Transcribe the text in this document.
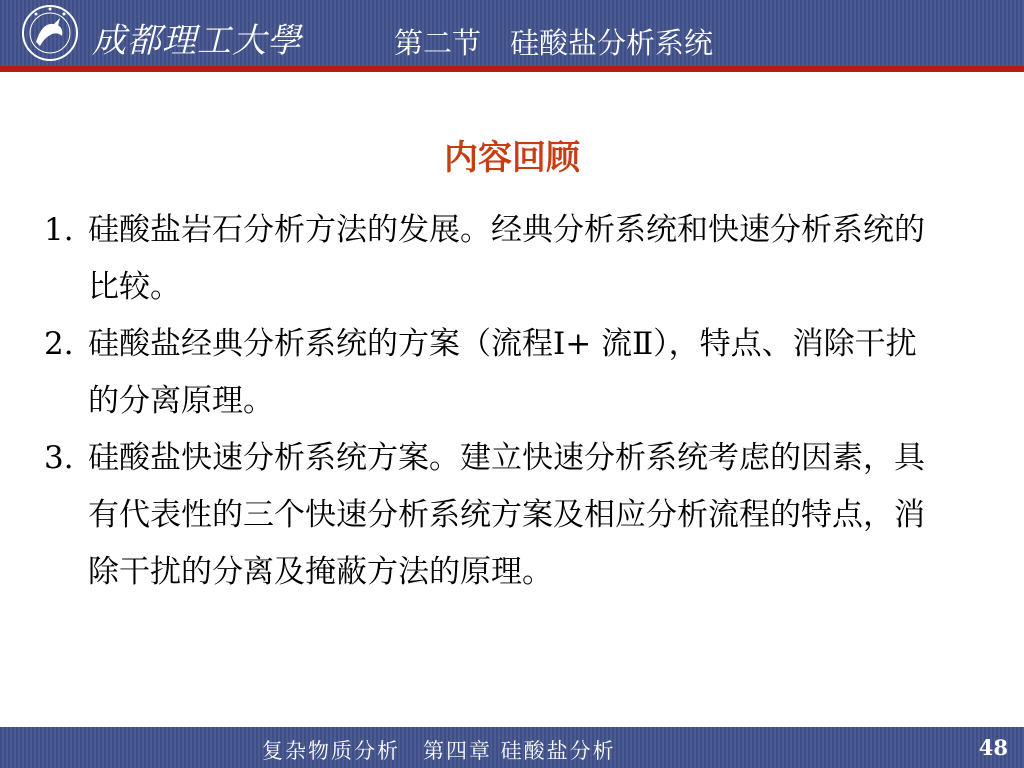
成都理工大學	第二节　硅酸盐分析系统
内容回顾
1. 硅酸盐岩石分析方法的发展。经典分析系统和快速分析系统的比较。
2. 硅酸盐经典分析系统的方案（流程Ⅰ+ 流Ⅱ），特点、消除干扰的分离原理。
3. 硅酸盐快速分析系统方案。建立快速分析系统考虑的因素，具有代表性的三个快速分析系统方案及相应分析流程的特点，消除干扰的分离及掩蔽方法的原理。
复杂物质分析　第四章 硅酸盐分析	48
